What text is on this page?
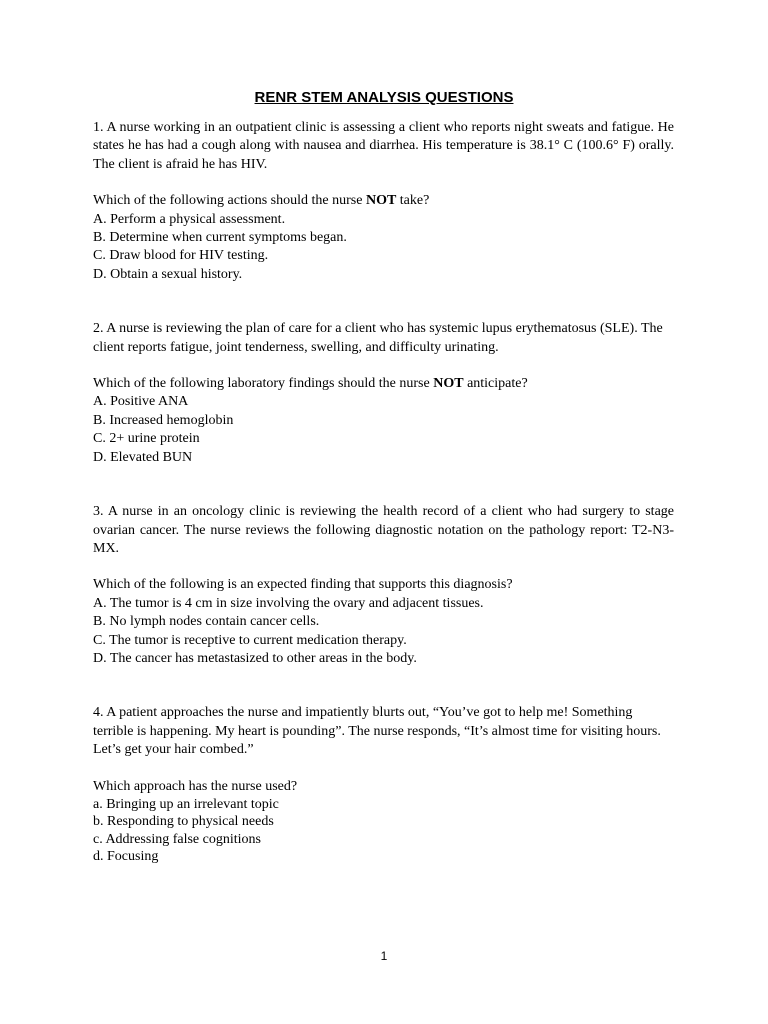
RENR STEM ANALYSIS QUESTIONS

1. A nurse working in an outpatient clinic is assessing a client who reports night sweats and fatigue. He states he has had a cough along with nausea and diarrhea. His temperature is 38.1° C (100.6° F) orally. The client is afraid he has HIV.

Which of the following actions should the nurse NOT take?

A. Perform a physical assessment.

B. Determine when current symptoms began.

C. Draw blood for HIV testing.

D. Obtain a sexual history.

2. A nurse is reviewing the plan of care for a client who has systemic lupus erythematosus (SLE). The client reports fatigue, joint tenderness, swelling, and difficulty urinating.

Which of the following laboratory findings should the nurse NOT anticipate?

A. Positive ANA

B. Increased hemoglobin

C. 2+ urine protein

D. Elevated BUN

3. A nurse in an oncology clinic is reviewing the health record of a client who had surgery to stage ovarian cancer. The nurse reviews the following diagnostic notation on the pathology report: T2-N3-MX.

Which of the following is an expected finding that supports this diagnosis?

A. The tumor is 4 cm in size involving the ovary and adjacent tissues.

B. No lymph nodes contain cancer cells.

C. The tumor is receptive to current medication therapy.

D. The cancer has metastasized to other areas in the body.

4. A patient approaches the nurse and impatiently blurts out, “You’ve got to help me! Something terrible is happening. My heart is pounding”. The nurse responds, “It’s almost time for visiting hours. Let’s get your hair combed.”

Which approach has the nurse used?

a. Bringing up an irrelevant topic

b. Responding to physical needs

c. Addressing false cognitions

d. Focusing

1
